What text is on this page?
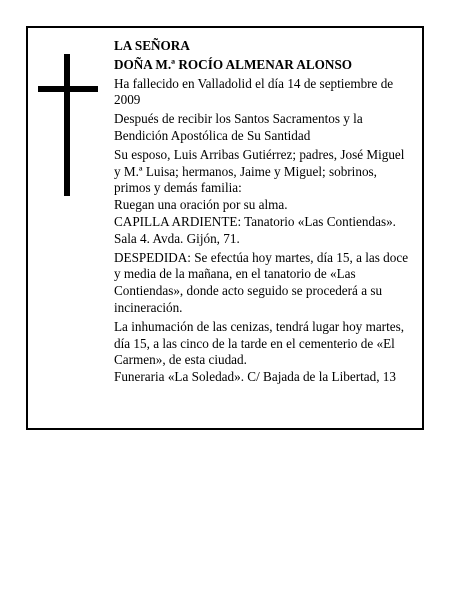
LA SEÑORA

DOÑA M.ª ROCÍO ALMENAR ALONSO

Ha fallecido en Valladolid el día 14 de septiembre de 2009

Después de recibir los Santos Sacramentos y la Bendición Apostólica de Su Santidad

Su esposo, Luis Arribas Gutiérrez; padres, José Miguel y M.ª Luisa; hermanos, Jaime y Miguel; sobrinos, primos y demás familia:

Ruegan una oración por su alma.

CAPILLA ARDIENTE: Tanatorio «Las Contiendas». Sala 4. Avda. Gijón, 71.

DESPEDIDA: Se efectúa hoy martes, día 15, a las doce y media de la mañana, en el tanatorio de «Las Contiendas», donde acto seguido se procederá a su incineración.

La inhumación de las cenizas, tendrá lugar hoy martes, día 15, a las cinco de la tarde en el cementerio de «El Carmen», de esta ciudad.

Funeraria «La Soledad». C/ Bajada de la Libertad, 13
